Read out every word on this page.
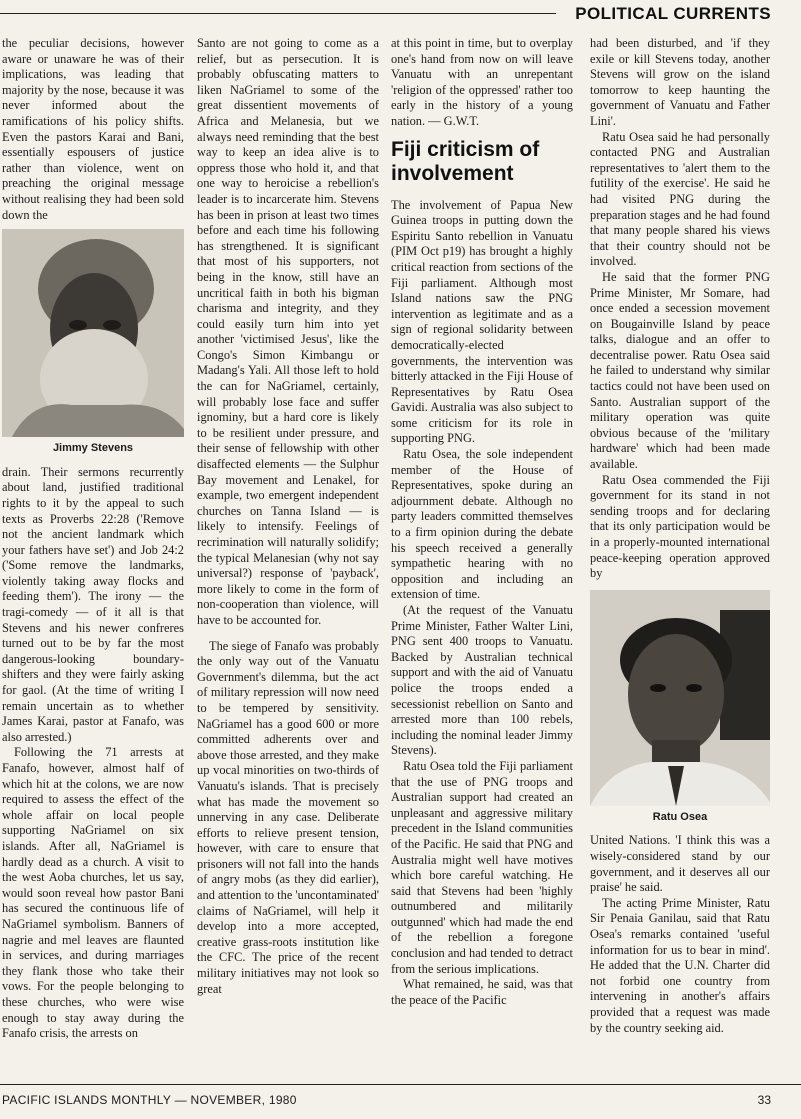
POLITICAL CURRENTS

the peculiar decisions, however aware or unaware he was of their implications, was leading that majority by the nose, because it was never informed about the ramifications of his policy shifts. Even the pastors Karai and Bani, essentially espousers of justice rather than violence, went on preaching the original message without realising they had been sold down the

Jimmy Stevens

drain. Their sermons recurrently about land, justified traditional rights to it by the appeal to such texts as Proverbs 22:28 ('Remove not the ancient landmark which your fathers have set') and Job 24:2 ('Some remove the landmarks, violently taking away flocks and feeding them'). The irony — the tragi-comedy — of it all is that Stevens and his newer confreres turned out to be by far the most dangerous-looking boundary-shifters and they were fairly asking for gaol. (At the time of writing I remain uncertain as to whether James Karai, pastor at Fanafo, was also arrested.)

Following the 71 arrests at Fanafo, however, almost half of which hit at the colons, we are now required to assess the effect of the whole affair on local people supporting NaGriamel on six islands. After all, NaGriamel is hardly dead as a church. A visit to the west Aoba churches, let us say, would soon reveal how pastor Bani has secured the continuous life of NaGriamel symbolism. Banners of nagrie and mel leaves are flaunted in services, and during marriages they flank those who take their vows. For the people belonging to these churches, who were wise enough to stay away during the Fanafo crisis, the arrests on

Santo are not going to come as a relief, but as persecution. It is probably obfuscating matters to liken NaGriamel to some of the great dissentient movements of Africa and Melanesia, but we always need reminding that the best way to keep an idea alive is to oppress those who hold it, and that one way to heroicise a rebellion's leader is to incarcerate him. Stevens has been in prison at least two times before and each time his following has strengthened. It is significant that most of his supporters, not being in the know, still have an uncritical faith in both his bigman charisma and integrity, and they could easily turn him into yet another 'victimised Jesus', like the Congo's Simon Kimbangu or Madang's Yali. All those left to hold the can for NaGriamel, certainly, will probably lose face and suffer ignominy, but a hard core is likely to be resilient under pressure, and their sense of fellowship with other disaffected elements — the Sulphur Bay movement and Lenakel, for example, two emergent independent churches on Tanna Island — is likely to intensify. Feelings of recrimination will naturally solidify; the typical Melanesian (why not say universal?) response of 'payback', more likely to come in the form of non-cooperation than violence, will have to be accounted for.

The siege of Fanafo was probably the only way out of the Vanuatu Government's dilemma, but the act of military repression will now need to be tempered by sensitivity. NaGriamel has a good 600 or more committed adherents over and above those arrested, and they make up vocal minorities on two-thirds of Vanuatu's islands. That is precisely what has made the movement so unnerving in any case. Deliberate efforts to relieve present tension, however, with care to ensure that prisoners will not fall into the hands of angry mobs (as they did earlier), and attention to the 'uncontaminated' claims of NaGriamel, will help it develop into a more accepted, creative grass-roots institution like the CFC. The price of the recent military initiatives may not look so great

at this point in time, but to overplay one's hand from now on will leave Vanuatu with an unrepentant 'religion of the oppressed' rather too early in the history of a young nation. — G.W.T.

Fiji criticism of involvement

The involvement of Papua New Guinea troops in putting down the Espiritu Santo rebellion in Vanuatu (PIM Oct p19) has brought a highly critical reaction from sections of the Fiji parliament. Although most Island nations saw the PNG intervention as legitimate and as a sign of regional solidarity between democratically-elected governments, the intervention was bitterly attacked in the Fiji House of Representatives by Ratu Osea Gavidi. Australia was also subject to some criticism for its role in supporting PNG.

Ratu Osea, the sole independent member of the House of Representatives, spoke during an adjournment debate. Although no party leaders committed themselves to a firm opinion during the debate his speech received a generally sympathetic hearing with no opposition and including an extension of time.

(At the request of the Vanuatu Prime Minister, Father Walter Lini, PNG sent 400 troops to Vanuatu. Backed by Australian technical support and with the aid of Vanuatu police the troops ended a secessionist rebellion on Santo and arrested more than 100 rebels, including the nominal leader Jimmy Stevens).

Ratu Osea told the Fiji parliament that the use of PNG troops and Australian support had created an unpleasant and aggressive military precedent in the Island communities of the Pacific. He said that PNG and Australia might well have motives which bore careful watching. He said that Stevens had been 'highly outnumbered and militarily outgunned' which had made the end of the rebellion a foregone conclusion and had tended to detract from the serious implications.

What remained, he said, was that the peace of the Pacific

had been disturbed, and 'if they exile or kill Stevens today, another Stevens will grow on the island tomorrow to keep haunting the government of Vanuatu and Father Lini'.

Ratu Osea said he had personally contacted PNG and Australian representatives to 'alert them to the futility of the exercise'. He said he had visited PNG during the preparation stages and he had found that many people shared his views that their country should not be involved.

He said that the former PNG Prime Minister, Mr Somare, had once ended a secession movement on Bougainville Island by peace talks, dialogue and an offer to decentralise power. Ratu Osea said he failed to understand why similar tactics could not have been used on Santo. Australian support of the military operation was quite obvious because of the 'military hardware' which had been made available.

Ratu Osea commended the Fiji government for its stand in not sending troops and for declaring that its only participation would be in a properly-mounted international peace-keeping operation approved by

Ratu Osea

United Nations. 'I think this was a wisely-considered stand by our government, and it deserves all our praise' he said.

The acting Prime Minister, Ratu Sir Penaia Ganilau, said that Ratu Osea's remarks contained 'useful information for us to bear in mind'. He added that the U.N. Charter did not forbid one country from intervening in another's affairs provided that a request was made by the country seeking aid.

PACIFIC ISLANDS MONTHLY — NOVEMBER, 1980	33
